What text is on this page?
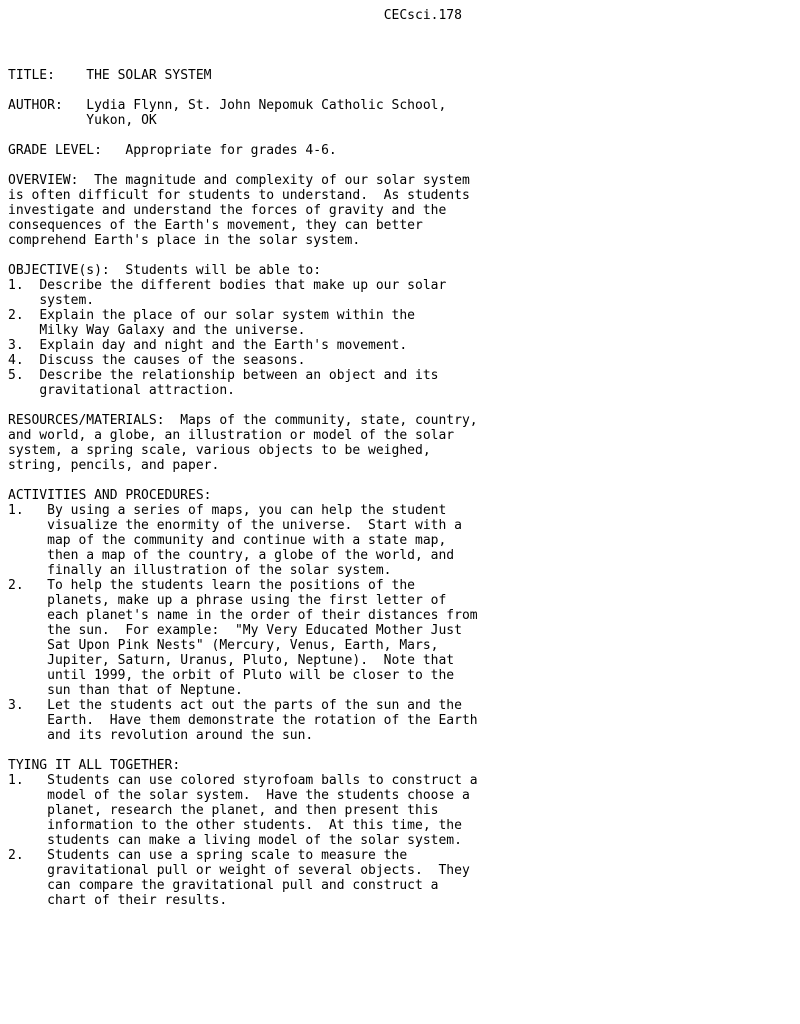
CECsci.178

TITLE: THE SOLAR SYSTEM

AUTHOR: Lydia Flynn, St. John Nepomuk Catholic School,
Yukon, OK

GRADE LEVEL: Appropriate for grades 4-6.

OVERVIEW: The magnitude and complexity of our solar system
is often difficult for students to understand.  As students
investigate and understand the forces of gravity and the
consequences of the Earth's movement, they can better
comprehend Earth's place in the solar system.

OBJECTIVE(s): Students will be able to:
1. Describe the different bodies that make up our solar
system.
2. Explain the place of our solar system within the
Milky Way Galaxy and the universe.
3. Explain day and night and the Earth's movement.
4. Discuss the causes of the seasons.
5. Describe the relationship between an object and its
gravitational attraction.

RESOURCES/MATERIALS: Maps of the community, state, country,
and world, a globe, an illustration or model of the solar
system, a spring scale, various objects to be weighed,
string, pencils, and paper.

ACTIVITIES AND PROCEDURES:
1. By using a series of maps, you can help the student
visualize the enormity of the universe.  Start with a
map of the community and continue with a state map,
then a map of the country, a globe of the world, and
finally an illustration of the solar system.
2. To help the students learn the positions of the
planets, make up a phrase using the first letter of
each planet's name in the order of their distances from
the sun.  For example:  "My Very Educated Mother Just
Sat Upon Pink Nests" (Mercury, Venus, Earth, Mars,
Jupiter, Saturn, Uranus, Pluto, Neptune).  Note that
until 1999, the orbit of Pluto will be closer to the
sun than that of Neptune.
3. Let the students act out the parts of the sun and the
Earth.  Have them demonstrate the rotation of the Earth
and its revolution around the sun.

TYING IT ALL TOGETHER:
1. Students can use colored styrofoam balls to construct a
model of the solar system.  Have the students choose a
planet, research the planet, and then present this
information to the other students.  At this time, the
students can make a living model of the solar system.
2. Students can use a spring scale to measure the
gravitational pull or weight of several objects.  They
can compare the gravitational pull and construct a
chart of their results.
